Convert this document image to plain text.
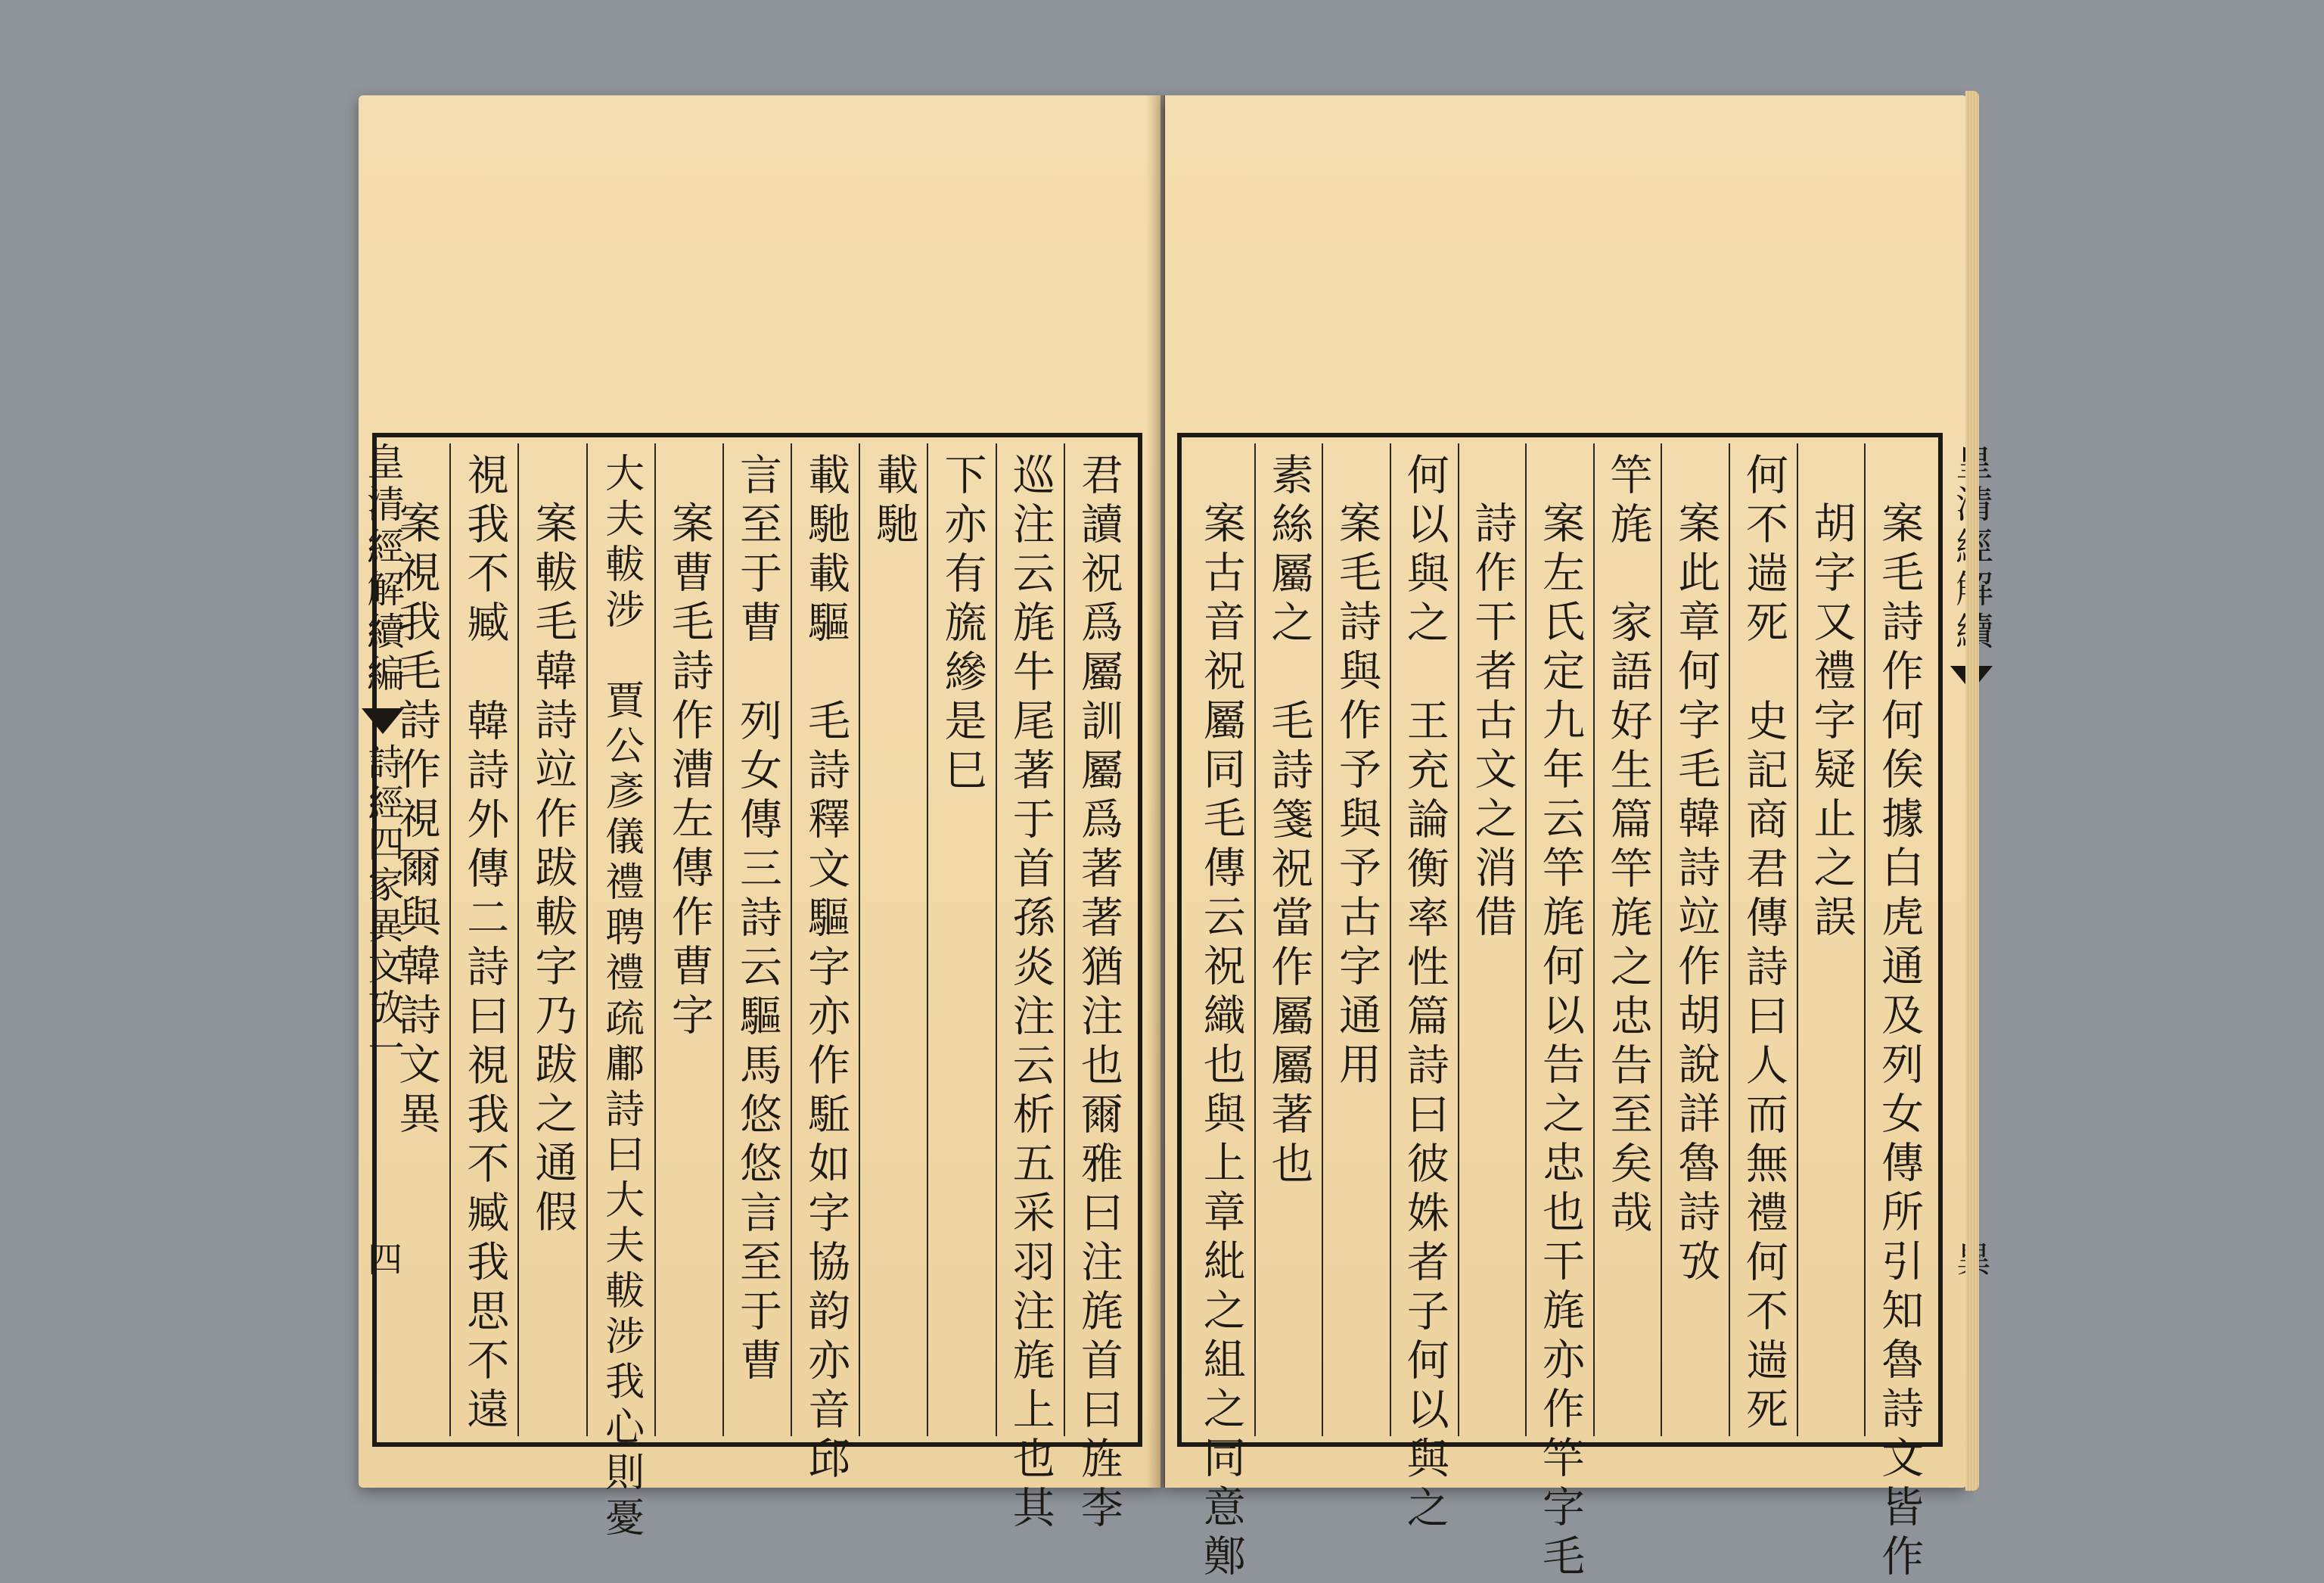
君讀祝爲屬訓屬爲著著猶注也爾雅曰注旄首曰旌李
巡注云旄牛尾著于首孫炎注云析五采羽注旄上也其
下亦有旒縿是巳
載馳
載馳載驅　毛詩釋文驅字亦作駈如字協韵亦音邱
言至于曹　列女傳三詩云驅馬悠悠言至于曹
案曹毛詩作漕左傳作曹字
大夫軷涉　賈公彥儀禮聘禮疏鄘詩曰大夫軷涉我心則憂
案軷毛韓詩竝作跋軷字乃跋之通假
視我不臧　韓詩外傳二詩曰視我不臧我思不遠
案視我毛詩作視爾與韓詩文異
皇清經解續編
詩經四家異文攷一
四	案毛詩作何俟據白虎通及列女傳所引知魯詩文皆作
胡字又禮字疑止之誤
何不遄死　史記商君傳詩曰人而無禮何不遄死
案此章何字毛韓詩竝作胡說詳魯詩攷
竿旄　家語好生篇竿旄之忠告至矣哉
案左氏定九年云竿旄何以告之忠也干旄亦作竿字毛
詩作干者古文之消借
何以與之　王充論衡率性篇詩曰彼姝者子何以與之
案毛詩與作予與予古字通用
素絲屬之　毛詩箋祝當作屬屬著也
案古音祝屬同毛傳云祝織也與上章紕之組之同意鄭
